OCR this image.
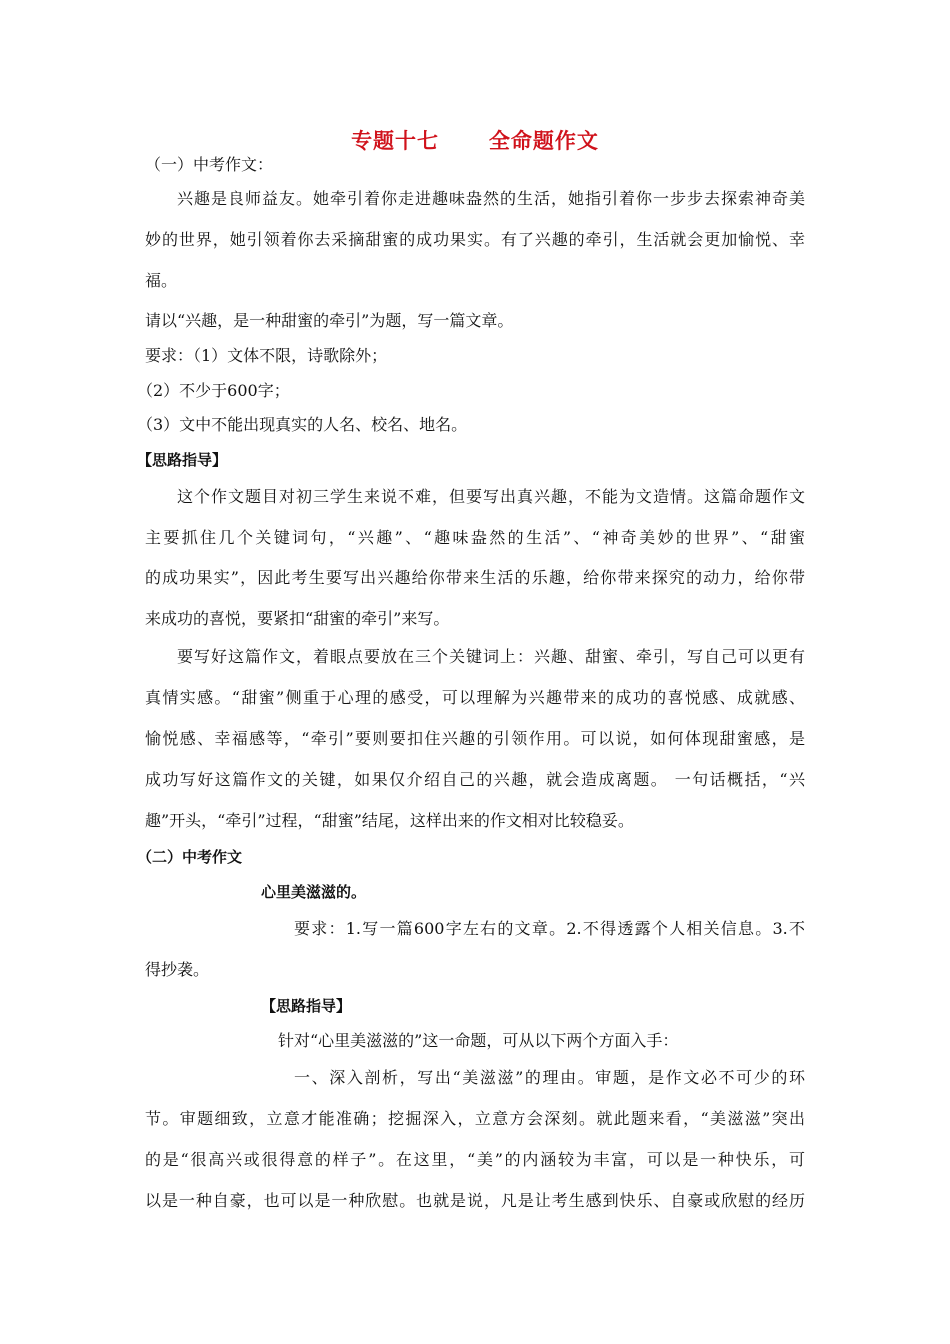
专题十七      全命题作文
（一）中考作文：
兴趣是良师益友。她牵引着你走进趣味盎然的生活，她指引着你一步步去探索神奇美
妙的世界，她引领着你去采摘甜蜜的成功果实。有了兴趣的牵引，生活就会更加愉悦、幸
福。
请以“兴趣，是一种甜蜜的牵引”为题，写一篇文章。
要求：（1）文体不限，诗歌除外；
（2）不少于600字；
（3）文中不能出现真实的人名、校名、地名。
【思路指导】
这个作文题目对初三学生来说不难，但要写出真兴趣，不能为文造情。这篇命题作文
主要抓住几个关键词句，“兴趣”、“趣味盎然的生活”、“神奇美妙的世界”、“甜蜜
的成功果实”，因此考生要写出兴趣给你带来生活的乐趣，给你带来探究的动力，给你带
来成功的喜悦，要紧扣“甜蜜的牵引”来写。
要写好这篇作文，着眼点要放在三个关键词上：兴趣、甜蜜、牵引，写自己可以更有
真情实感。“甜蜜”侧重于心理的感受，可以理解为兴趣带来的成功的喜悦感、成就感、
愉悦感、幸福感等，“牵引”要则要扣住兴趣的引领作用。可以说，如何体现甜蜜感，是
成功写好这篇作文的关键，如果仅介绍自己的兴趣，就会造成离题。 一句话概括，“兴
趣”开头，“牵引”过程，“甜蜜”结尾，这样出来的作文相对比较稳妥。
（二）中考作文
心里美滋滋的。
要求：1.写一篇600字左右的文章。2.不得透露个人相关信息。3.不
得抄袭。
【思路指导】
针对“心里美滋滋的”这一命题，可从以下两个方面入手：
一、深入剖析，写出“美滋滋”的理由。审题，是作文必不可少的环
节。审题细致，立意才能准确；挖掘深入，立意方会深刻。就此题来看，“美滋滋”突出
的是“很高兴或很得意的样子”。在这里，“美”的内涵较为丰富，可以是一种快乐，可
以是一种自豪，也可以是一种欣慰。也就是说，凡是让考生感到快乐、自豪或欣慰的经历
